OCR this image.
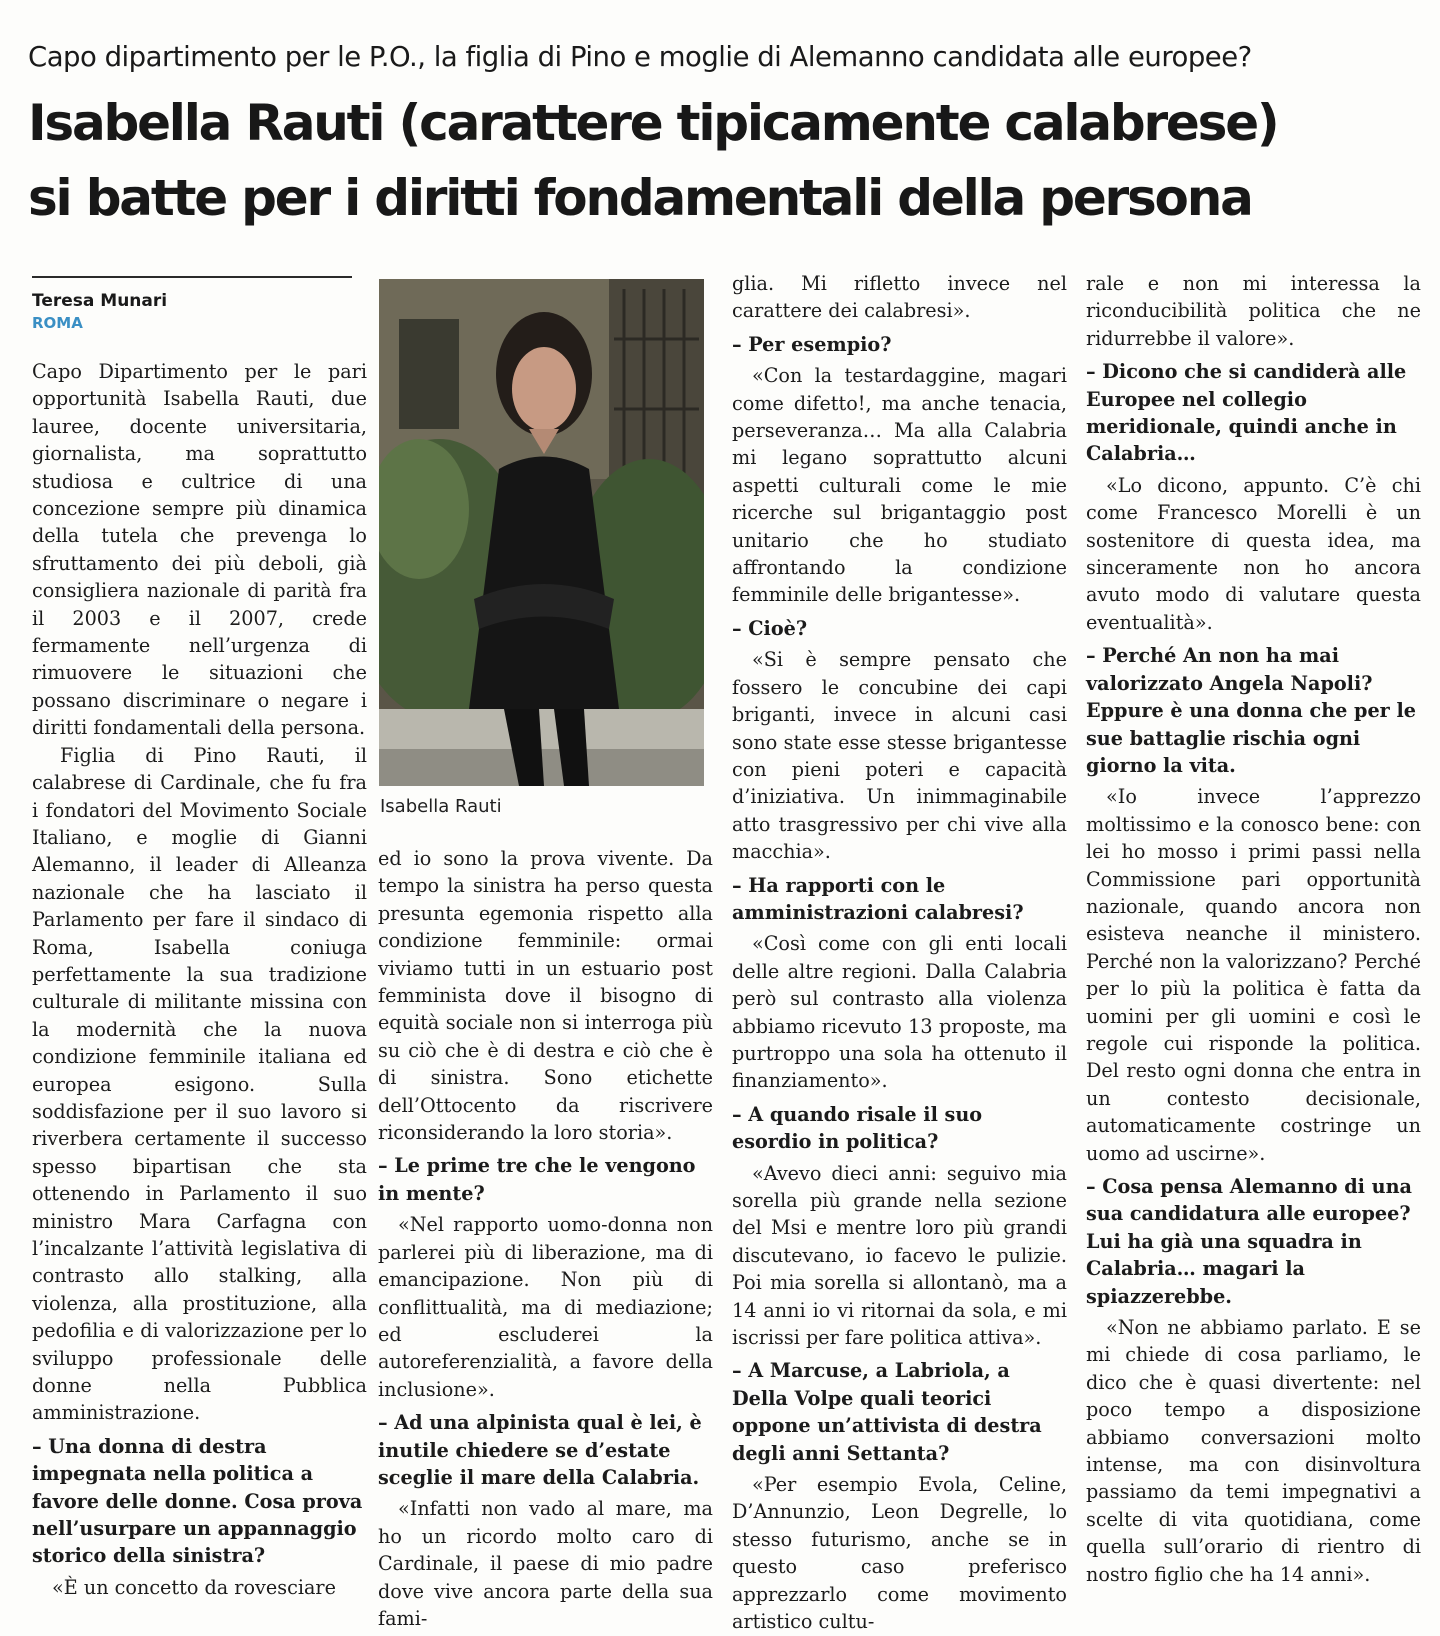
Capo dipartimento per le P.O., la figlia di Pino e moglie di Alemanno candidata alle europee?
Isabella Rauti (carattere tipicamente calabrese)
si batte per i diritti fondamentali della persona
Teresa Munari
ROMA

Capo Dipartimento per le pari opportunità Isabella Rauti, due lauree, docente universitaria, giornalista, ma soprattutto studiosa e cultrice di una concezione sempre più dinamica della tutela che prevenga lo sfruttamento dei più deboli, già consigliera nazionale di parità fra il 2003 e il 2007, crede fermamente nell’urgenza di rimuovere le situazioni che possano discriminare o negare i diritti fondamentali della persona.

Figlia di Pino Rauti, il calabrese di Cardinale, che fu fra i fondatori del Movimento Sociale Italiano, e moglie di Gianni Alemanno, il leader di Alleanza nazionale che ha lasciato il Parlamento per fare il sindaco di Roma, Isabella coniuga perfettamente la sua tradizione culturale di militante missina con la modernità che la nuova condizione femminile italiana ed europea esigono. Sulla soddisfazione per il suo lavoro si riverbera certamente il successo spesso bipartisan che sta ottenendo in Parlamento il suo ministro Mara Carfagna con l’incalzante l’attività legislativa di contrasto allo stalking, alla violenza, alla prostituzione, alla pedofilia e di valorizzazione per lo sviluppo professionale delle donne nella Pubblica amministrazione.

– Una donna di destra impegnata nella politica a favore delle donne. Cosa prova nell’usurpare un appannaggio storico della sinistra?

«È un concetto da rovesciare

Isabella Rauti

ed io sono la prova vivente. Da tempo la sinistra ha perso questa presunta egemonia rispetto alla condizione femminile: ormai viviamo tutti in un estuario post femminista dove il bisogno di equità sociale non si interroga più su ciò che è di destra e ciò che è di sinistra. Sono etichette dell’Ottocento da riscrivere riconsiderando la loro storia».

– Le prime tre che le vengono in mente?

«Nel rapporto uomo-donna non parlerei più di liberazione, ma di emancipazione. Non più di conflittualità, ma di mediazione; ed escluderei la autoreferenzialità, a favore della inclusione».

– Ad una alpinista qual è lei, è inutile chiedere se d’estate sceglie il mare della Calabria.

«Infatti non vado al mare, ma ho un ricordo molto caro di Cardinale, il paese di mio padre dove vive ancora parte della sua fami-

glia. Mi rifletto invece nel carattere dei calabresi».

– Per esempio?

«Con la testardaggine, magari come difetto!, ma anche tenacia, perseveranza… Ma alla Calabria mi legano soprattutto alcuni aspetti culturali come le mie ricerche sul brigantaggio post unitario che ho studiato affrontando la condizione femminile delle brigantesse».

– Cioè?

«Si è sempre pensato che fossero le concubine dei capi briganti, invece in alcuni casi sono state esse stesse brigantesse con pieni poteri e capacità d’iniziativa. Un inimmaginabile atto trasgressivo per chi vive alla macchia».

– Ha rapporti con le amministrazioni calabresi?

«Così come con gli enti locali delle altre regioni. Dalla Calabria però sul contrasto alla violenza abbiamo ricevuto 13 proposte, ma purtroppo una sola ha ottenuto il finanziamento».

– A quando risale il suo esordio in politica?

«Avevo dieci anni: seguivo mia sorella più grande nella sezione del Msi e mentre loro più grandi discutevano, io facevo le pulizie. Poi mia sorella si allontanò, ma a 14 anni io vi ritornai da sola, e mi iscrissi per fare politica attiva».

– A Marcuse, a Labriola, a Della Volpe quali teorici oppone un’attivista di destra degli anni Settanta?

«Per esempio Evola, Celine, D’Annunzio, Leon Degrelle, lo stesso futurismo, anche se in questo caso preferisco apprezzarlo come movimento artistico cultu-

rale e non mi interessa la riconducibilità politica che ne ridurrebbe il valore».

– Dicono che si candiderà alle Europee nel collegio meridionale, quindi anche in Calabria…

«Lo dicono, appunto. C’è chi come Francesco Morelli è un sostenitore di questa idea, ma sinceramente non ho ancora avuto modo di valutare questa eventualità».

– Perché An non ha mai valorizzato Angela Napoli? Eppure è una donna che per le sue battaglie rischia ogni giorno la vita.

«Io invece l’apprezzo moltissimo e la conosco bene: con lei ho mosso i primi passi nella Commissione pari opportunità nazionale, quando ancora non esisteva neanche il ministero. Perché non la valorizzano? Perché per lo più la politica è fatta da uomini per gli uomini e così le regole cui risponde la politica. Del resto ogni donna che entra in un contesto decisionale, automaticamente costringe un uomo ad uscirne».

– Cosa pensa Alemanno di una sua candidatura alle europee? Lui ha già una squadra in Calabria… magari la spiazzerebbe.

«Non ne abbiamo parlato. E se mi chiede di cosa parliamo, le dico che è quasi divertente: nel poco tempo a disposizione abbiamo conversazioni molto intense, ma con disinvoltura passiamo da temi impegnativi a scelte di vita quotidiana, come quella sull’orario di rientro di nostro figlio che ha 14 anni».
